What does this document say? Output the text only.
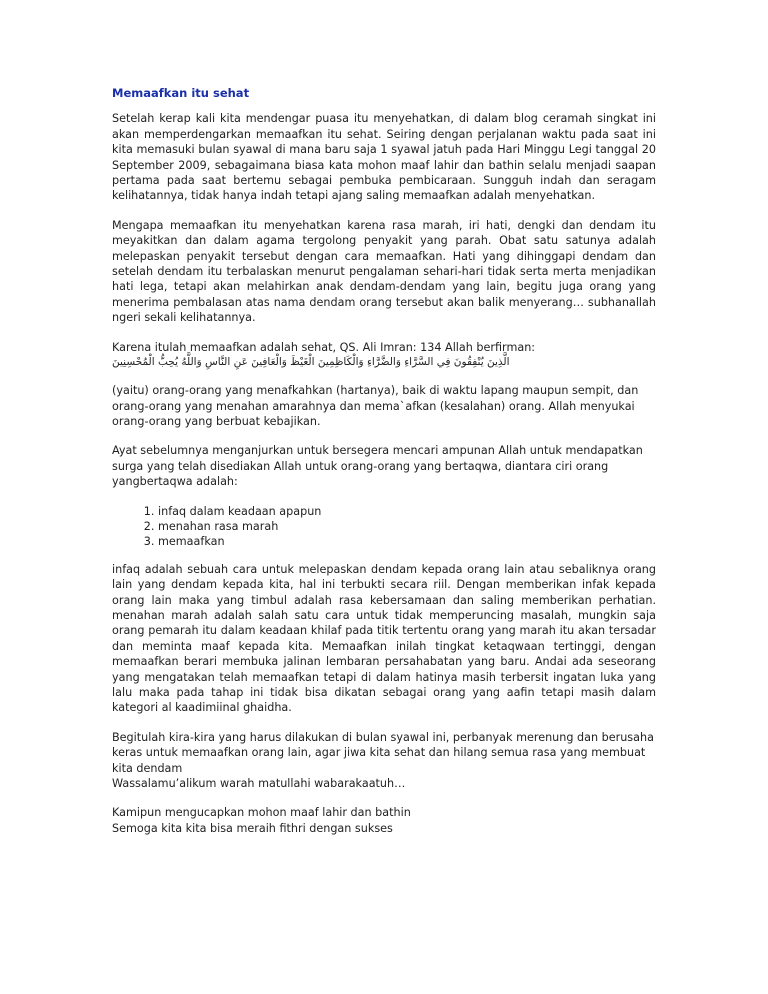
Memaafkan itu sehat

Setelah kerap kali kita mendengar puasa itu menyehatkan, di dalam blog ceramah singkat ini akan memperdengarkan memaafkan itu sehat. Seiring dengan perjalanan waktu pada saat ini kita memasuki bulan syawal di mana baru saja 1 syawal jatuh pada Hari Minggu Legi tanggal 20 September 2009, sebagaimana biasa kata mohon maaf lahir dan bathin selalu menjadi saapan pertama pada saat bertemu sebagai pembuka pembicaraan. Sungguh indah dan seragam kelihatannya, tidak hanya indah tetapi ajang saling memaafkan adalah menyehatkan.

Mengapa memaafkan itu menyehatkan karena rasa marah, iri hati, dengki dan dendam itu meyakitkan dan dalam agama tergolong penyakit yang parah. Obat satu satunya adalah melepaskan penyakit tersebut dengan cara memaafkan. Hati yang dihinggapi dendam dan setelah dendam itu terbalaskan menurut pengalaman sehari-hari tidak serta merta menjadikan hati lega, tetapi akan melahirkan anak dendam-dendam yang lain, begitu juga orang yang menerima pembalasan atas nama dendam orang tersebut akan balik menyerang… subhanallah ngeri sekali kelihatannya.

Karena itulah memaafkan adalah sehat, QS. Ali Imran: 134 Allah berfirman:

الَّذِينَ يُنْفِقُونَ فِي السَّرَّاءِ وَالضَّرَّاءِ وَالْكَاظِمِينَ الْغَيْظَ وَالْعَافِينَ عَنِ النَّاسِ وَاللَّهُ يُحِبُّ الْمُحْسِنِينَ

(yaitu) orang-orang yang menafkahkan (hartanya), baik di waktu lapang maupun sempit, dan orang-orang yang menahan amarahnya dan mema`afkan (kesalahan) orang. Allah menyukai orang-orang yang berbuat kebajikan.

Ayat sebelumnya menganjurkan untuk bersegera mencari ampunan Allah untuk mendapatkan surga yang telah disediakan Allah untuk orang-orang yang bertaqwa, diantara ciri orang yangbertaqwa adalah:

1. infaq dalam keadaan apapun
2. menahan rasa marah
3. memaafkan

infaq adalah sebuah cara untuk melepaskan dendam kepada orang lain atau sebaliknya orang lain yang dendam kepada kita, hal ini terbukti secara riil. Dengan memberikan infak kepada orang lain maka yang timbul adalah rasa kebersamaan dan saling memberikan perhatian. menahan marah adalah salah satu cara untuk tidak memperuncing masalah, mungkin saja orang pemarah itu dalam keadaan khilaf pada titik tertentu orang yang marah itu akan tersadar dan meminta maaf kepada kita. Memaafkan inilah tingkat ketaqwaan tertinggi, dengan memaafkan berari membuka jalinan lembaran persahabatan yang baru. Andai ada seseorang yang mengatakan telah memaafkan tetapi di dalam hatinya masih terbersit ingatan luka yang lalu maka pada tahap ini tidak bisa dikatan sebagai orang yang aafin tetapi masih dalam kategori al kaadimiinal ghaidha.

Begitulah kira-kira yang harus dilakukan di bulan syawal ini, perbanyak merenung dan berusaha keras untuk memaafkan orang lain, agar jiwa kita sehat dan hilang semua rasa yang membuat kita dendam
Wassalamu’alikum warah matullahi wabarakaatuh…

Kamipun mengucapkan mohon maaf lahir dan bathin
Semoga kita kita bisa meraih fithri dengan sukses
